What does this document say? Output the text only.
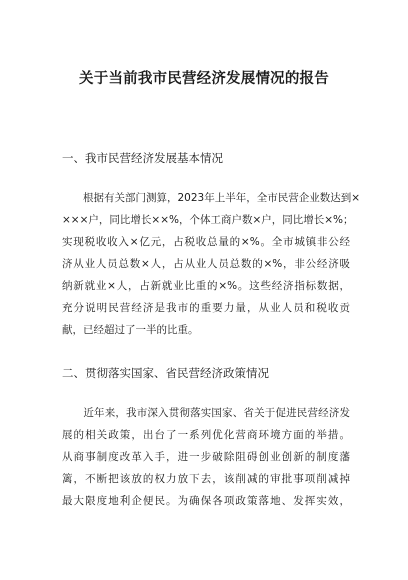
关于当前我市民营经济发展情况的报告
一、我市民营经济发展基本情况
　　根据有关部门测算，2023年上半年，全市民营企业数达到×
×××户，同比增长××%，个体工商户数×户，同比增长×%；
实现税收收入×亿元，占税收总量的×%。全市城镇非公经
济从业人员总数×人，占从业人员总数的×%，非公经济吸
纳新就业×人，占新就业比重的×%。这些经济指标数据，
充分说明民营经济是我市的重要力量，从业人员和税收贡
献，已经超过了一半的比重。
二、贯彻落实国家、省民营经济政策情况
　　近年来，我市深入贯彻落实国家、省关于促进民营经济发
展的相关政策，出台了一系列优化营商环境方面的举措。
从商事制度改革入手，进一步破除阻碍创业创新的制度藩
篱，不断把该放的权力放下去，该削减的审批事项削减掉
最大限度地利企便民。为确保各项政策落地、发挥实效，
